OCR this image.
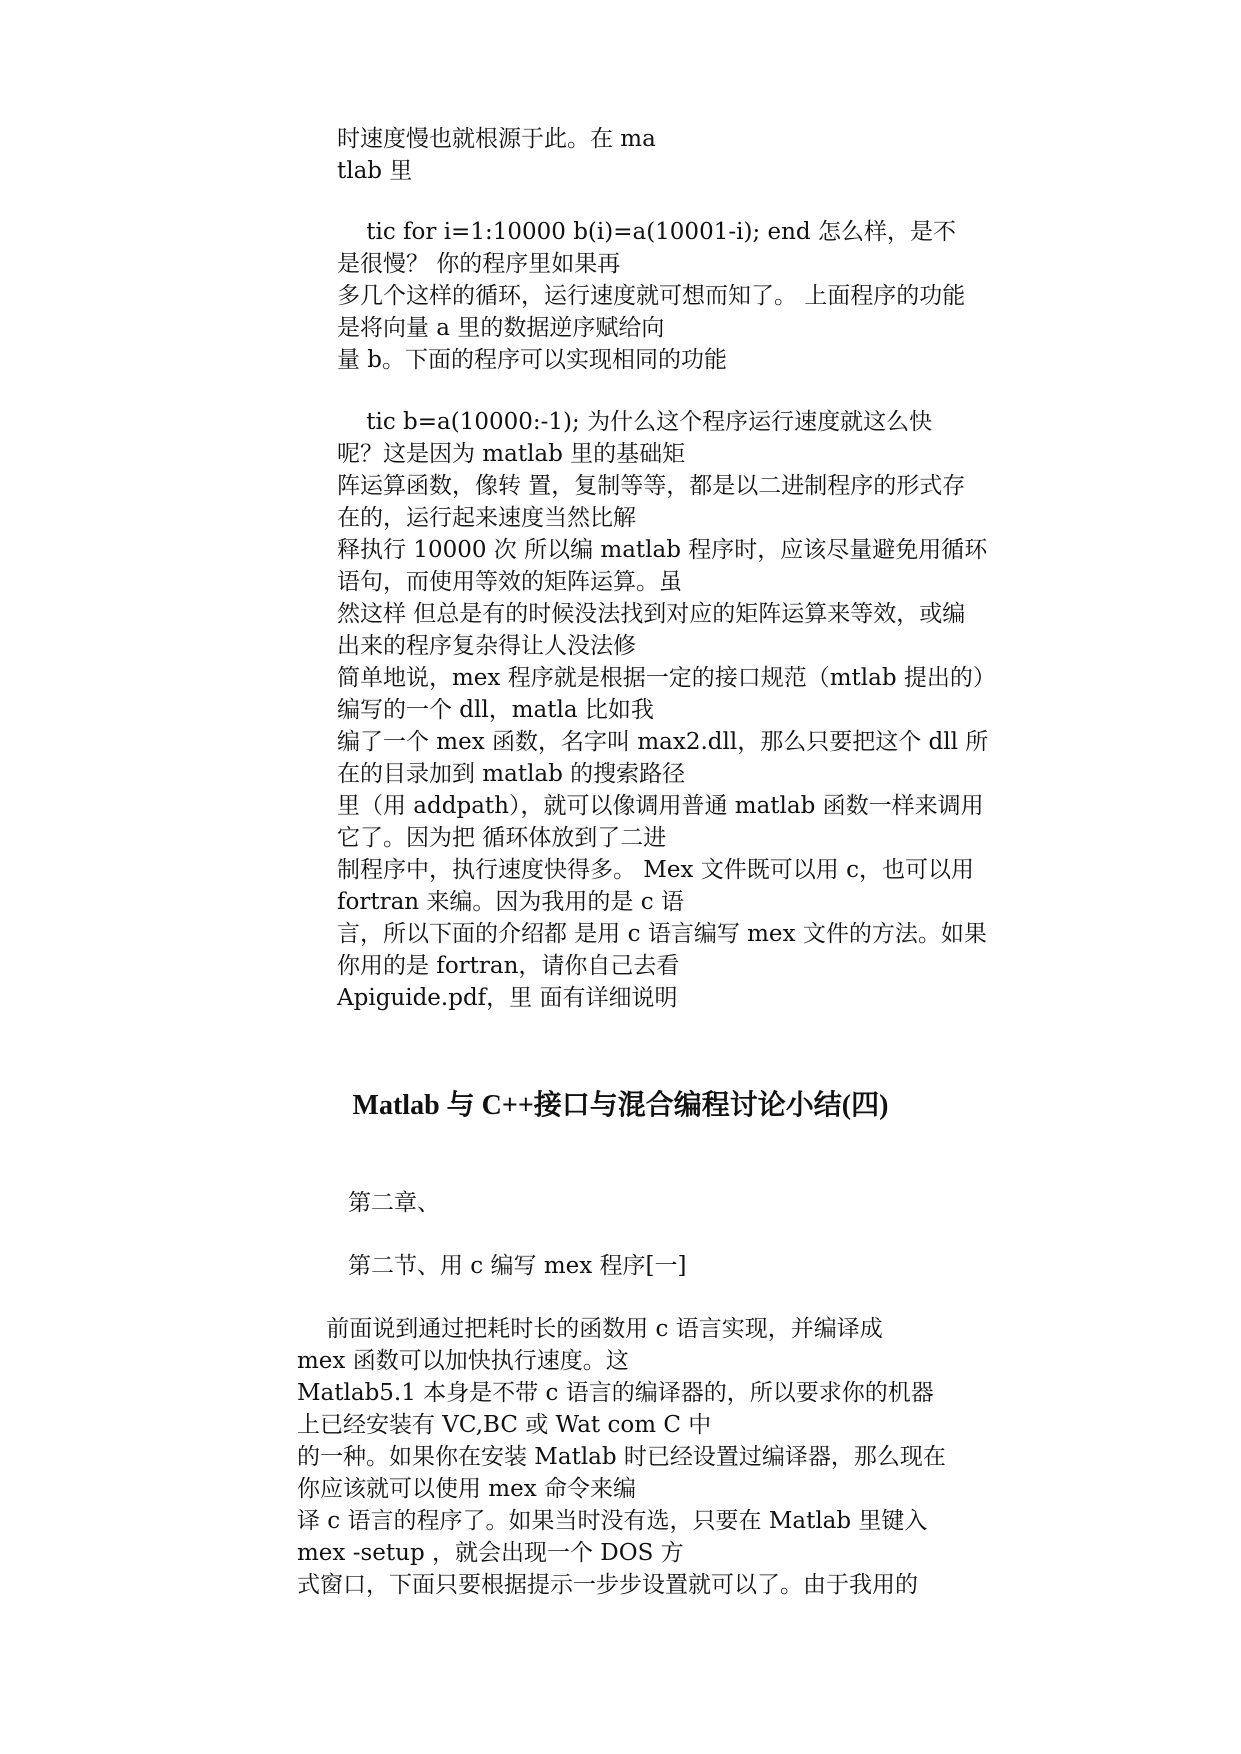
时速度慢也就根源于此。在 ma
tlab 里
tic for i=1:10000 b(i)=a(10001-i); end 怎么样，是不
是很慢？ 你的程序里如果再
多几个这样的循环，运行速度就可想而知了。 上面程序的功能
是将向量 a 里的数据逆序赋给向
量 b。下面的程序可以实现相同的功能
tic b=a(10000:-1); 为什么这个程序运行速度就这么快
呢？这是因为 matlab 里的基础矩
阵运算函数，像转 置，复制等等，都是以二进制程序的形式存
在的，运行起来速度当然比解
释执行 10000 次 所以编 matlab 程序时，应该尽量避免用循环
语句，而使用等效的矩阵运算。虽
然这样 但总是有的时候没法找到对应的矩阵运算来等效，或编
出来的程序复杂得让人没法修
简单地说，mex 程序就是根据一定的接口规范（mtlab 提出的）
编写的一个 dll，matla 比如我
编了一个 mex 函数，名字叫 max2.dll，那么只要把这个 dll 所
在的目录加到 matlab 的搜索路径
里（用 addpath），就可以像调用普通 matlab 函数一样来调用
它了。因为把 循环体放到了二进
制程序中，执行速度快得多。 Mex 文件既可以用 c，也可以用
fortran 来编。因为我用的是 c 语
言，所以下面的介绍都 是用 c 语言编写 mex 文件的方法。如果
你用的是 fortran，请你自己去看
Apiguide.pdf，里 面有详细说明
Matlab 与 C++接口与混合编程讨论小结(四)
第二章、
第二节、用 c 编写 mex 程序[一]
前面说到通过把耗时长的函数用 c 语言实现，并编译成
mex 函数可以加快执行速度。这
Matlab5.1 本身是不带 c 语言的编译器的，所以要求你的机器
上已经安装有 VC,BC 或 Wat com C 中
的一种。如果你在安装 Matlab 时已经设置过编译器，那么现在
你应该就可以使用 mex 命令来编
译 c 语言的程序了。如果当时没有选，只要在 Matlab 里键入
mex -setup ，就会出现一个 DOS 方
式窗口，下面只要根据提示一步步设置就可以了。由于我用的
